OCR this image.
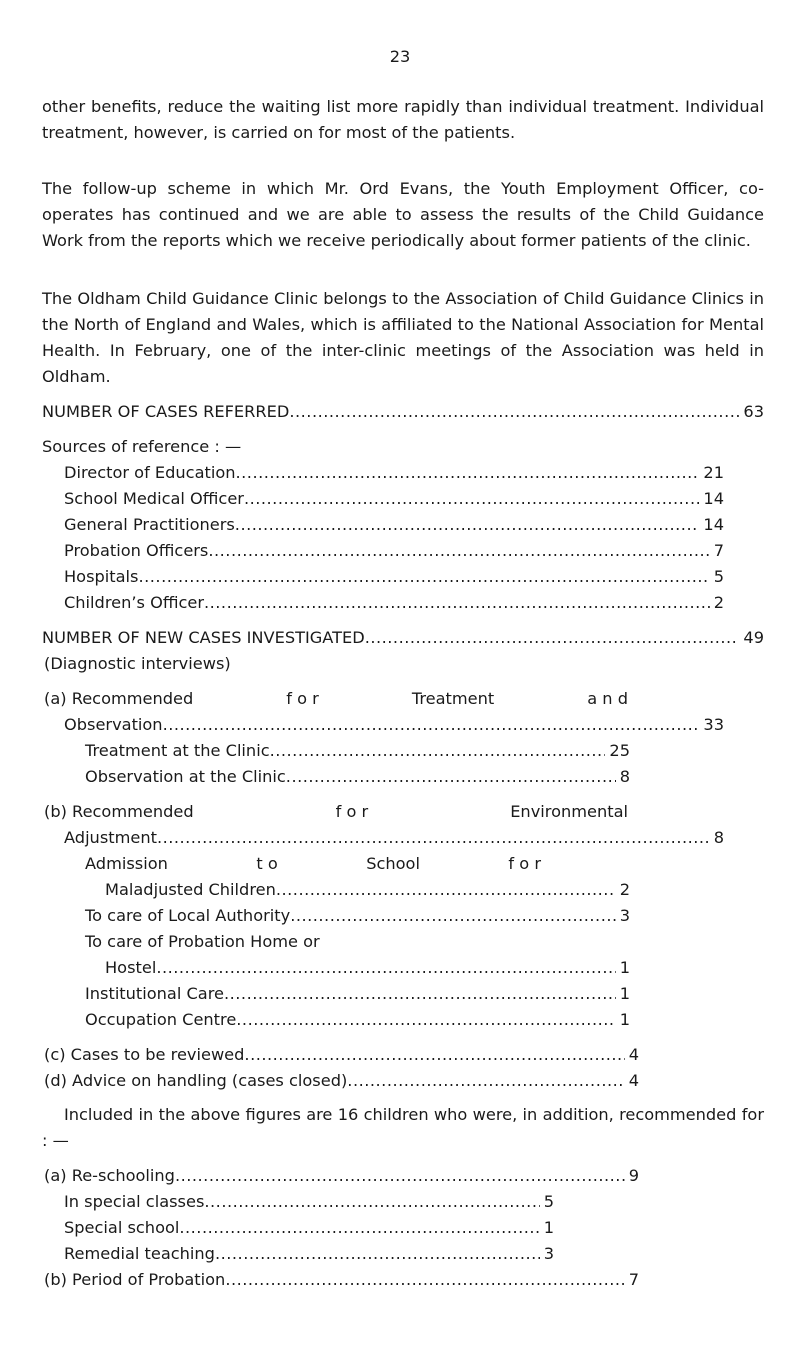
23

other benefits, reduce the waiting list more rapidly than individual treatment. Individual treatment, however, is carried on for most of the patients.

The follow-up scheme in which Mr. Ord Evans, the Youth Employment Officer, co-operates has continued and we are able to assess the results of the Child Guidance Work from the reports which we receive periodically about former patients of the clinic.

The Oldham Child Guidance Clinic belongs to the Association of Child Guidance Clinics in the North of England and Wales, which is affiliated to the National Association for Mental Health. In February, one of the inter-clinic meetings of the Association was held in Oldham.

NUMBER OF CASES REFERRED .....	63
Sources of reference : —
Director of Education .....	21
School Medical Officer .....	14
General Practitioners .....	14
Probation Officers .....	7
Hospitals .....	5
Children’s Officer .....	2
NUMBER OF NEW CASES INVESTIGATED .....	49
(Diagnostic interviews)
(a) Recommended	f o r	Treatment	a n d
Observation .....	33
Treatment at the Clinic .....	25
Observation at the Clinic .....	8
(b) Recommended	f o r	Environmental
Adjustment .....	8
Admission	t o	School	f o r
Maladjusted Children .....	2
To care of Local Authority .....	3
To care of Probation Home or
Hostel .....	1
Institutional Care .....	1
Occupation Centre .....	1
(c) Cases to be reviewed .....	4
(d) Advice on handling (cases closed) .....	4

Included in the above figures are 16 children who were, in addition, recommended for : —

(a) Re-schooling .....	9
In special classes .....	5
Special school .....	1
Remedial teaching .....	3
(b) Period of Probation .....	7
